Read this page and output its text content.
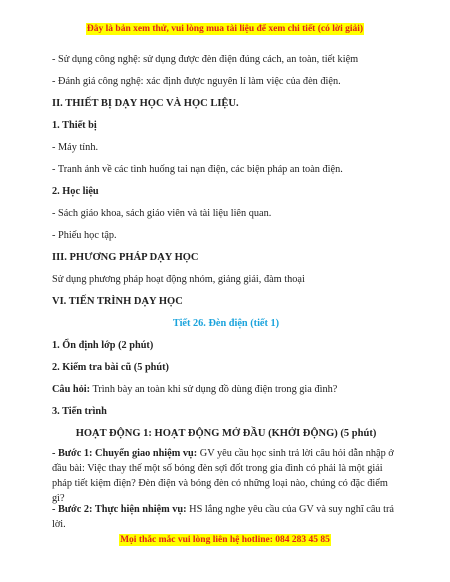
Đây là bản xem thử, vui lòng mua tài liệu để xem chi tiết (có lời giải)
- Sử dụng công nghệ: sử dụng được đèn điện đúng cách, an toàn, tiết kiệm
- Đánh giá công nghệ: xác định được nguyên lí làm việc của đèn điện.
II. THIẾT BỊ DẠY HỌC VÀ HỌC LIỆU.
1. Thiết bị
- Máy tính.
- Tranh ảnh về các tình huống tai nạn điện, các biện pháp an toàn điện.
2. Học liệu
- Sách giáo khoa, sách giáo viên và tài liệu liên quan.
- Phiếu học tập.
III. PHƯƠNG PHÁP DẠY HỌC
Sử dụng phương pháp hoạt động nhóm, giảng giải, đàm thoại
VI. TIẾN TRÌNH DẠY HỌC
Tiết 26. Đèn điện (tiết 1)
1. Ổn định lớp (2 phút)
2. Kiểm tra bài cũ (5 phút)
Câu hỏi: Trình bày an toàn khi sử dụng đồ dùng điện trong gia đình?
3. Tiến trình
HOẠT ĐỘNG 1: HOẠT ĐỘNG MỞ ĐẦU (KHỞI ĐỘNG) (5 phút)
- Bước 1: Chuyển giao nhiệm vụ: GV yêu cầu học sinh trả lời câu hỏi dẫn nhập ở đầu bài: Việc thay thế một số bóng đèn sợi đốt trong gia đình có phải là một giải pháp tiết kiệm điện? Đèn điện và bóng đèn có những loại nào, chúng có đặc điểm gì?
- Bước 2: Thực hiện nhiệm vụ: HS lắng nghe yêu cầu của GV và suy nghĩ câu trả lời.
Mọi thắc mắc vui lòng liên hệ hotline: 084 283 45 85
